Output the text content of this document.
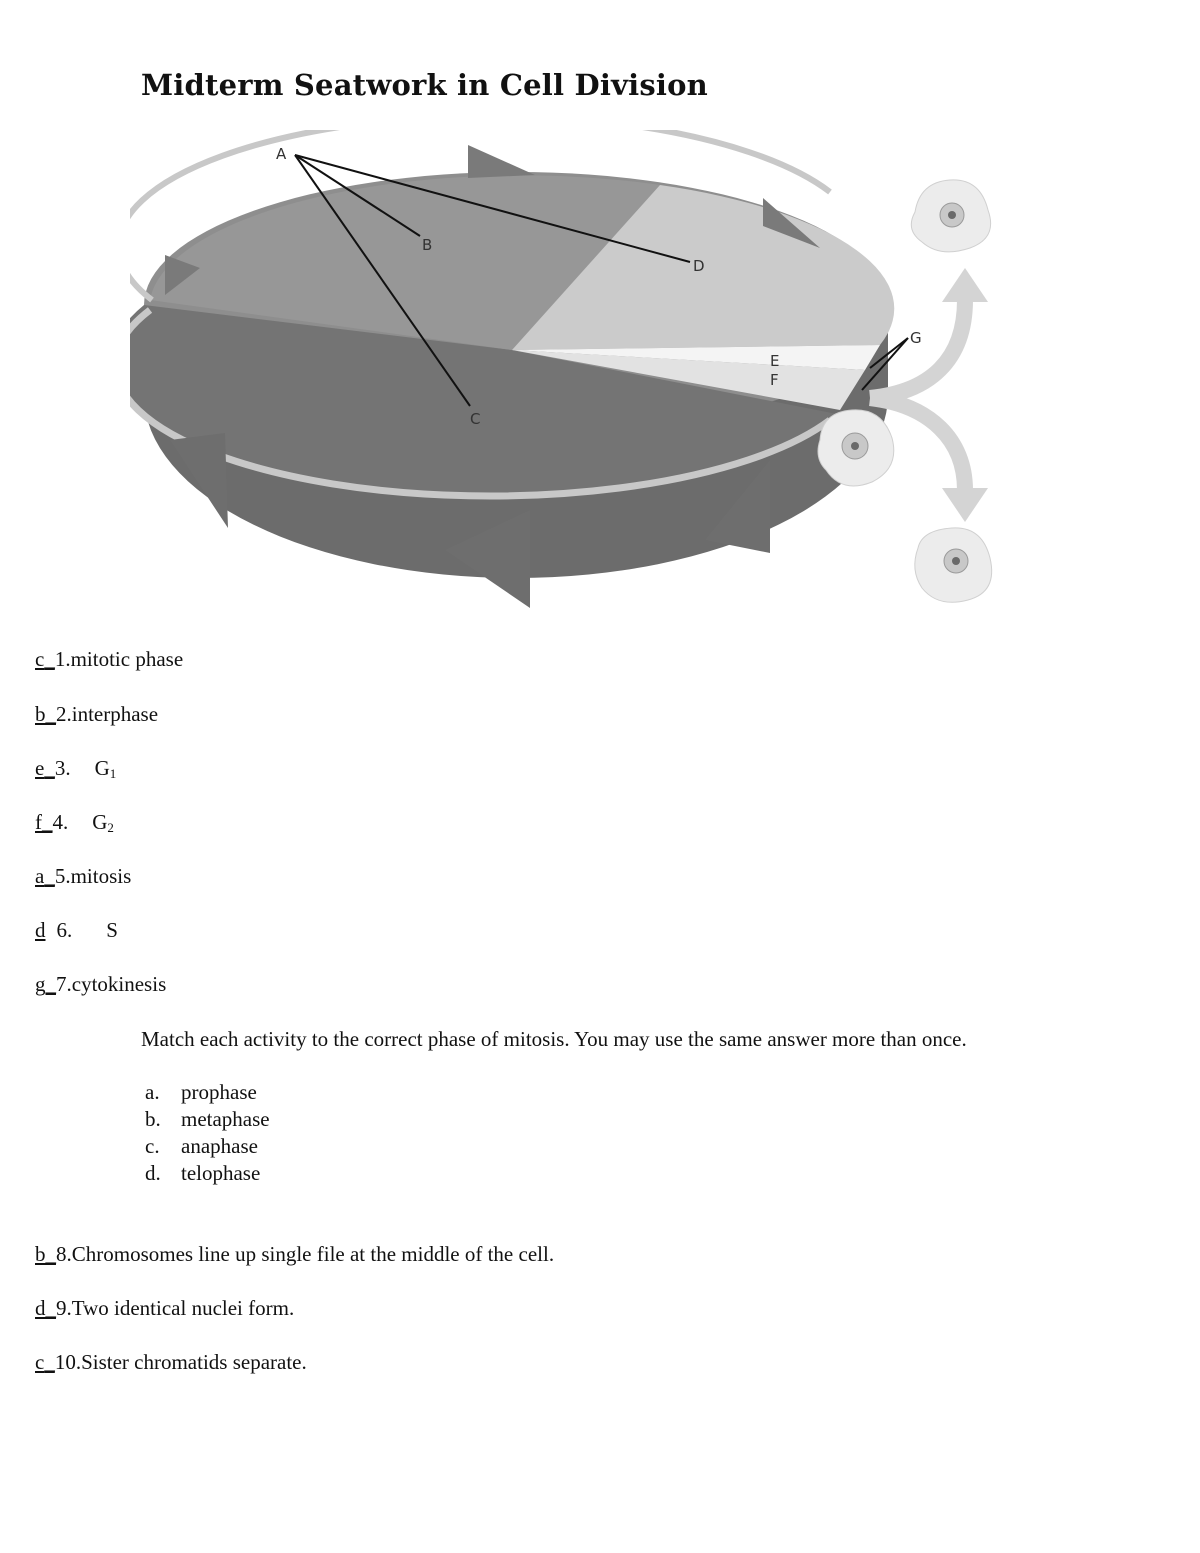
Midterm Seatwork in Cell Division
A
B
C
D
E
F
G
c_1.mitotic phase
b_2.interphase
e_3. $G_1$
f_4. $G_2$
a_5.mitosis
d 6. S
g_7.cytokinesis
Match each activity to the correct phase of mitosis. You may use the same answer more than once.
a. prophase
b. metaphase
c. anaphase
d. telophase
b_8.Chromosomes line up single file at the middle of the cell.
d_9.Two identical nuclei form.
c_10.Sister chromatids separate.
